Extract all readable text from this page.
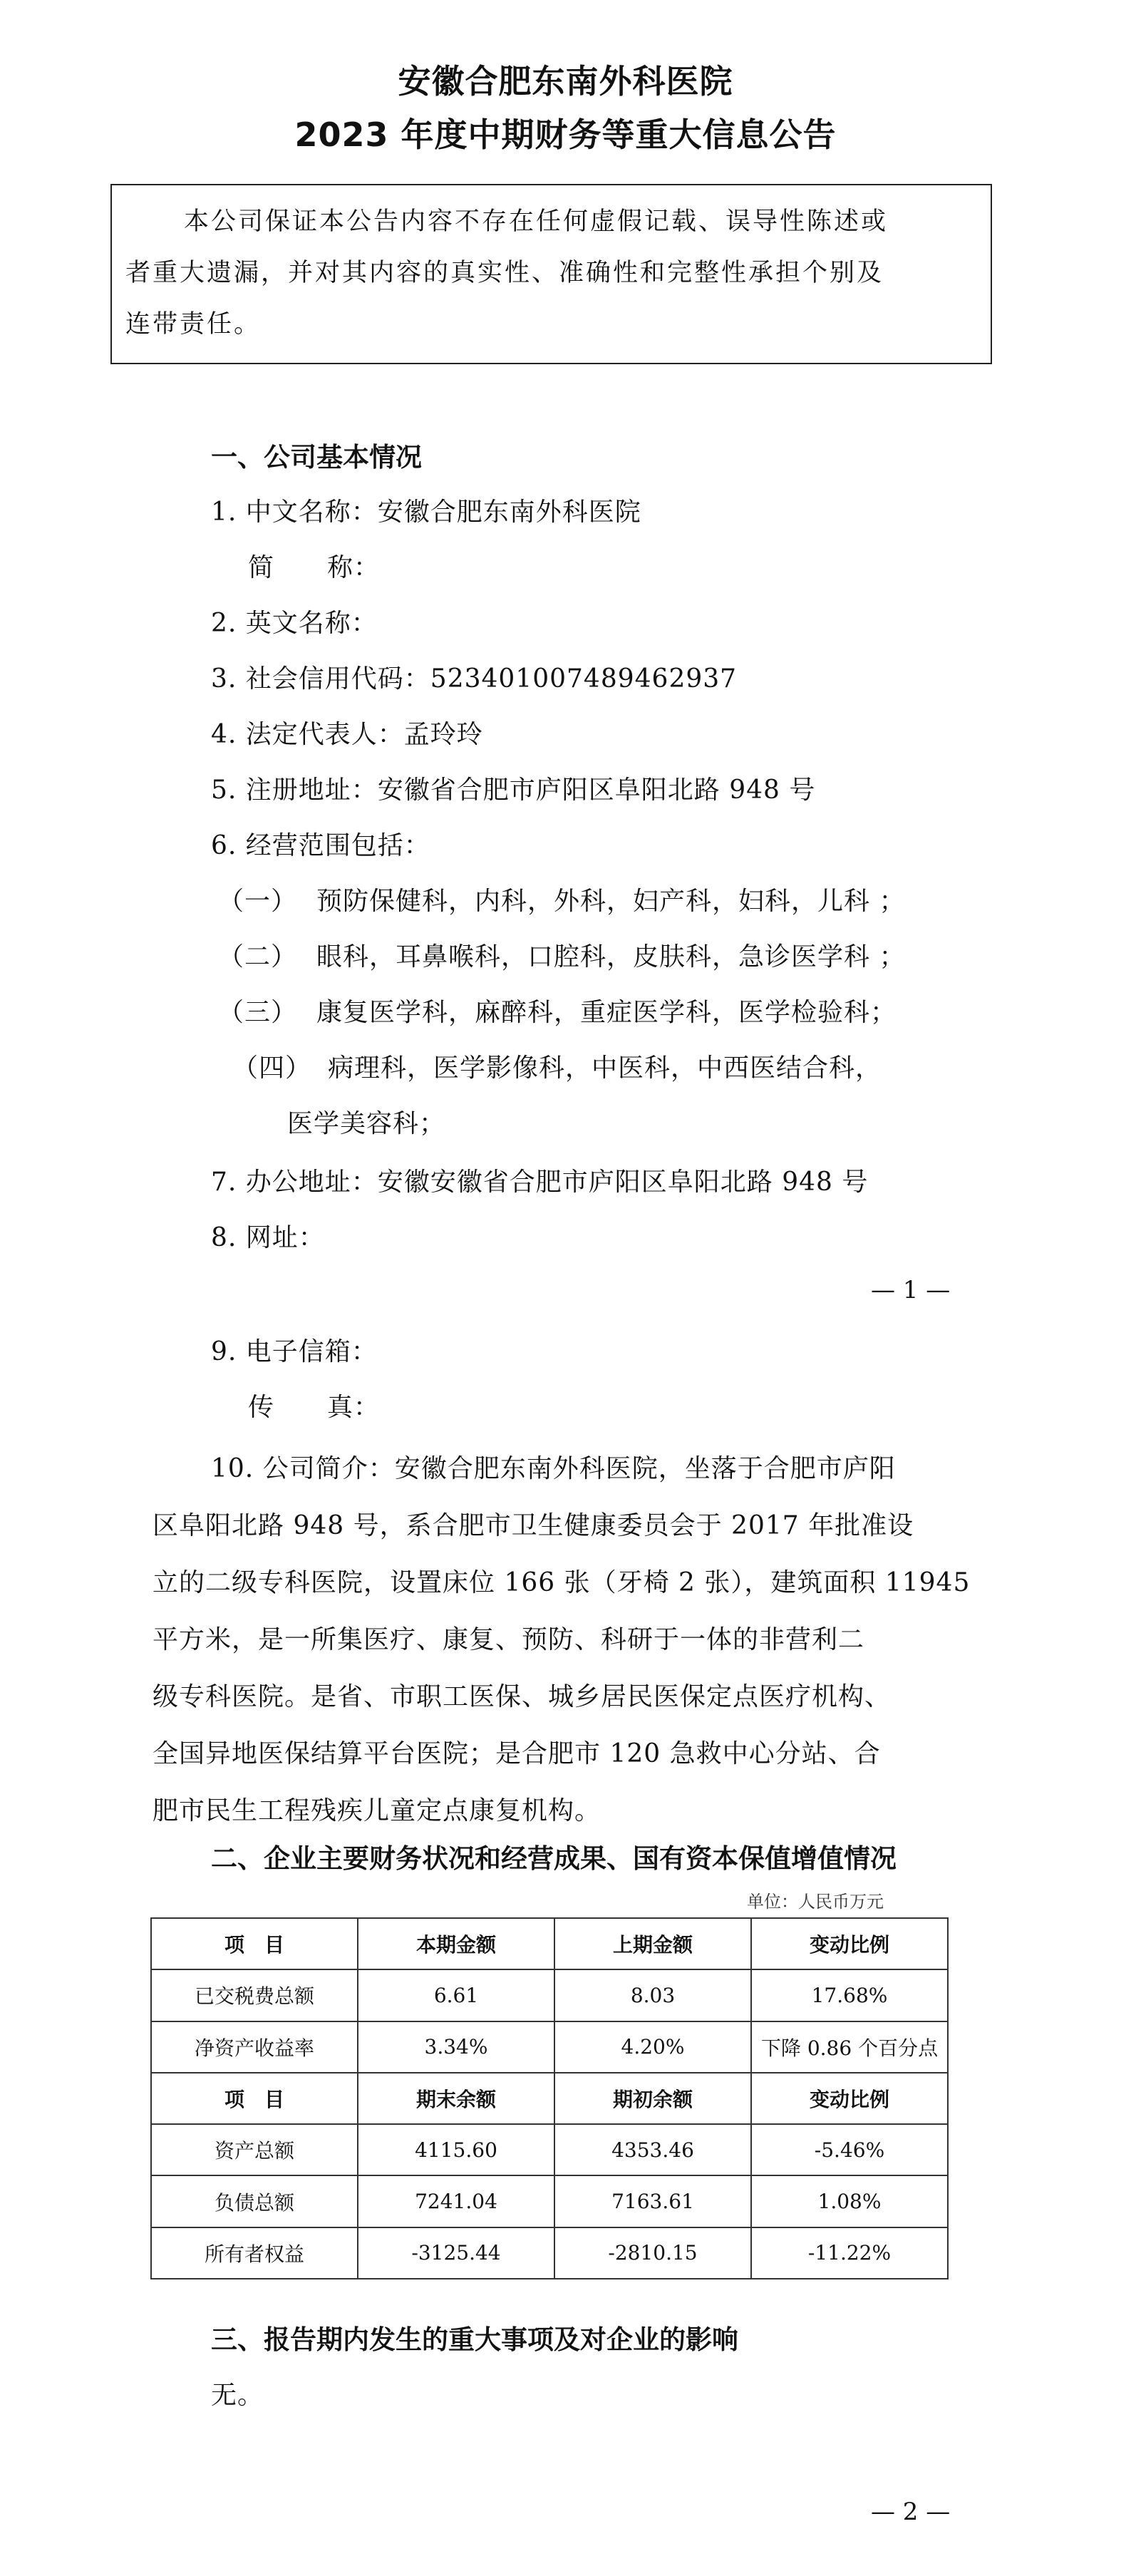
安徽合肥东南外科医院
2023 年度中期财务等重大信息公告
本公司保证本公告内容不存在任何虚假记载、误导性陈述或
者重大遗漏，并对其内容的真实性、准确性和完整性承担个别及
连带责任。
一、公司基本情况
1. 中文名称：安徽合肥东南外科医院
简　　称：
2. 英文名称：
3. 社会信用代码：52340100748946293​7
4. 法定代表人：孟玲玲
5. 注册地址：安徽省合肥市庐阳区阜阳北路 948 号
6. 经营范围包括：
（一） 预防保健科，内科，外科，妇产科，妇科，儿科 ；
（二） 眼科，耳鼻喉科，口腔科，皮肤科，急诊医学科 ；
（三） 康复医学科，麻醉科，重症医学科，医学检验科；
（四） 病理科，医学影像科，中医科，中西医结合科，
医学美容科；
7. 办公地址：安徽安徽省合肥市庐阳区阜阳北路 948 号
8. 网址：
— 1 —
9. 电子信箱：
传　　真：
10. 公司简介：安徽合肥东南外科医院，坐落于合肥市庐阳
区阜阳北路 948 号，系合肥市卫生健康委员会于 2017 年批准设
立的二级专科医院，设置床位 166 张（牙椅 2 张），建筑面积 11945
平方米，是一所集医疗、康复、预防、科研于一体的非营利二
级专科医院。是省、市职工医保、城乡居民医保定点医疗机构、
全国异地医保结算平台医院；是合肥市 120 急救中心分站、合
肥市民生工程残疾儿童定点康复机构。
二、企业主要财务状况和经营成果、国有资本保值增值情况
单位：人民币万元
项　目	本期金额	上期金额	变动比例
已交税费总额	6.61	8.03	17.68%
净资产收益率	3.34%	4.20%	下降 0.86 个百分点
项　目	期末余额	期初余额	变动比例
资产总额	4115.60	4353.46	-5.46%
负债总额	7241.04	7163.61	1.08%
所有者权益	-3125.44	-2810.15	-11.22%
三、报告期内发生的重大事项及对企业的影响
无。
— 2 —
